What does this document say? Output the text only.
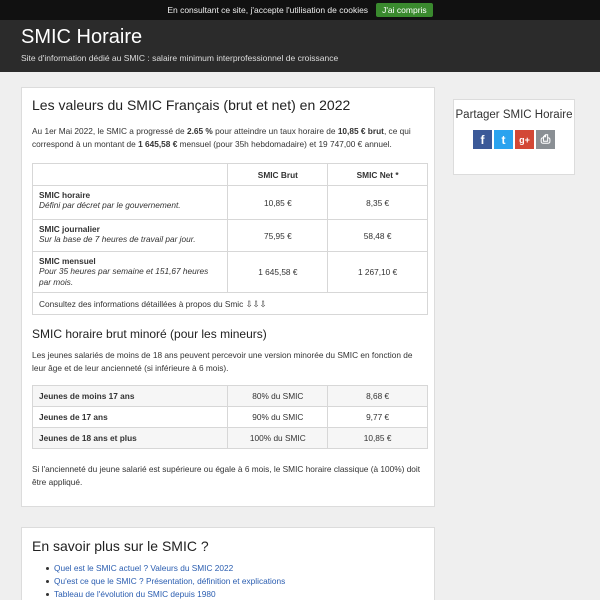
En consultant ce site, j'accepte l'utilisation de cookies	J'ai compris
SMIC Horaire
Site d'information dédié au SMIC : salaire minimum interprofessionnel de croissance
Les valeurs du SMIC Français (brut et net) en 2022

Au 1er Mai 2022, le SMIC a progressé de 2.65 % pour atteindre un taux horaire de 10,85 € brut, ce qui correspond à un montant de 1 645,58 € mensuel (pour 35h hebdomadaire) et 19 747,00 € annuel.

	SMIC Brut	SMIC Net *

SMIC horaire
Défini par décret par le gouvernement.	10,85 €	8,35 €

SMIC journalier
Sur la base de 7 heures de travail par jour.	75,95 €	58,48 €

SMIC mensuel
Pour 35 heures par semaine et 151,67 heures par mois.	1 645,58 €	1 267,10 €
Consultez des informations détaillées à propos du Smic ⇩⇩⇩		
SMIC horaire brut minoré (pour les mineurs)

Les jeunes salariés de moins de 18 ans peuvent percevoir une version minorée du SMIC en fonction de leur âge et de leur ancienneté (si inférieure à 6 mois).

Jeunes de moins 17 ans	80% du SMIC	8,68 €
Jeunes de 17 ans	90% du SMIC	9,77 €
Jeunes de 18 ans et plus	100% du SMIC	10,85 €

Si l'ancienneté du jeune salarié est supérieure ou égale à 6 mois, le SMIC horaire classique (à 100%) doit être appliqué.

Partager SMIC Horaire
f	t	g+ ⎙
En savoir plus sur le SMIC ?
Quel est le SMIC actuel ? Valeurs du SMIC 2022
Qu'est ce que le SMIC ? Présentation, définition et explications
Tableau de l'évolution du SMIC depuis 1980
